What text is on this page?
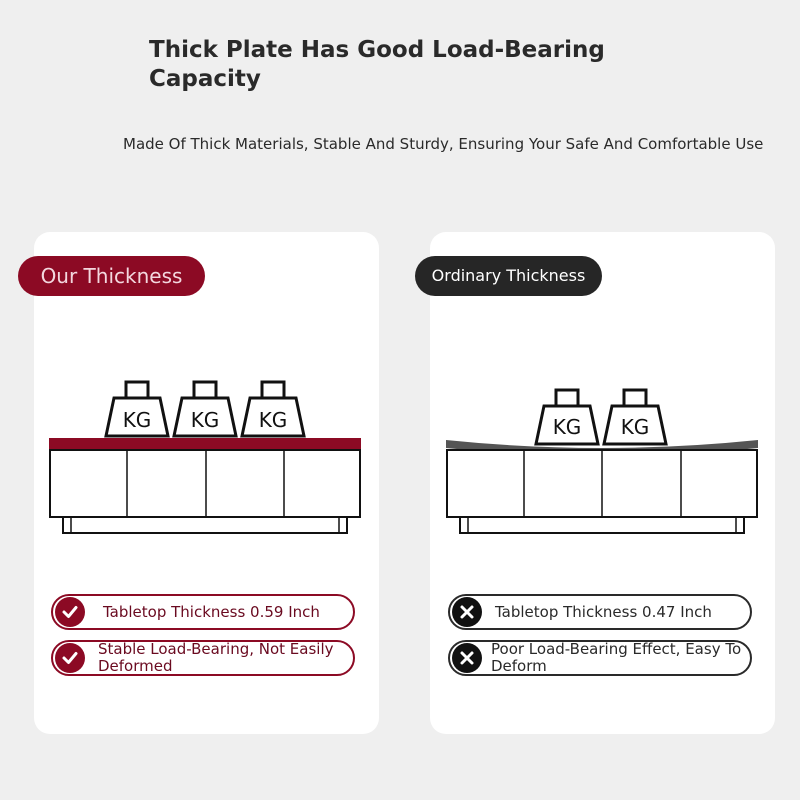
Thick Plate Has Good Load-Bearing Capacity

Made Of Thick Materials, Stable And Sturdy, Ensuring Your Safe And Comfortable Use

Our Thickness	Ordinary Thickness
KG KG KG	KG KG
Tabletop Thickness 0.59 Inch
Stable Load-Bearing, Not Easily Deformed
Tabletop Thickness 0.47 Inch
Poor Load-Bearing Effect, Easy To Deform
